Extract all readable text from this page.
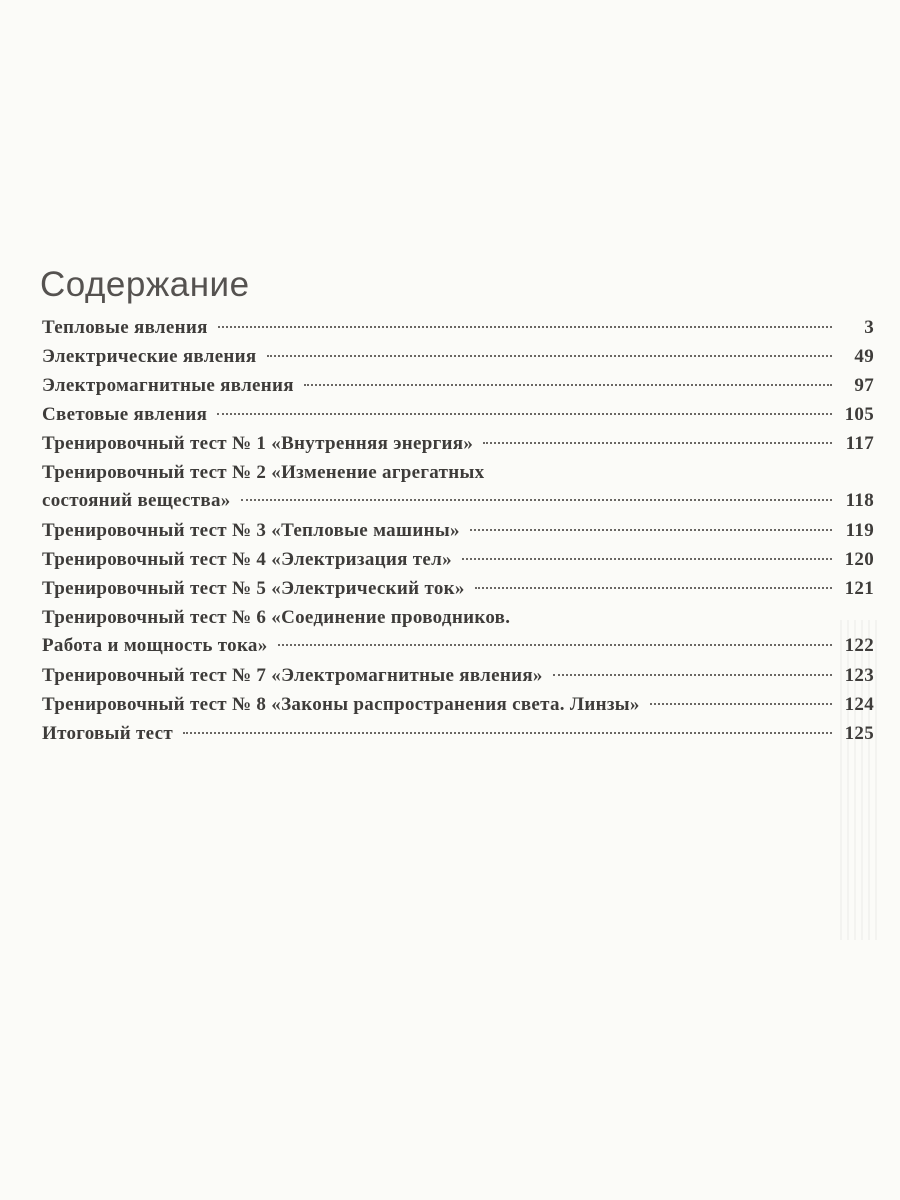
Содержание
Тепловые явления	3
Электрические явления	49
Электромагнитные явления	97
Световые явления	105
Тренировочный тест № 1 «Внутренняя энергия»	117
Тренировочный тест № 2 «Изменение агрегатных
состояний вещества»	118
Тренировочный тест № 3 «Тепловые машины»	119
Тренировочный тест № 4 «Электризация тел»	120
Тренировочный тест № 5 «Электрический ток»	121
Тренировочный тест № 6 «Соединение проводников.
Работа и мощность тока»	122
Тренировочный тест № 7 «Электромагнитные явления»	123
Тренировочный тест № 8 «Законы распространения света. Линзы»	124
Итоговый тест	125
